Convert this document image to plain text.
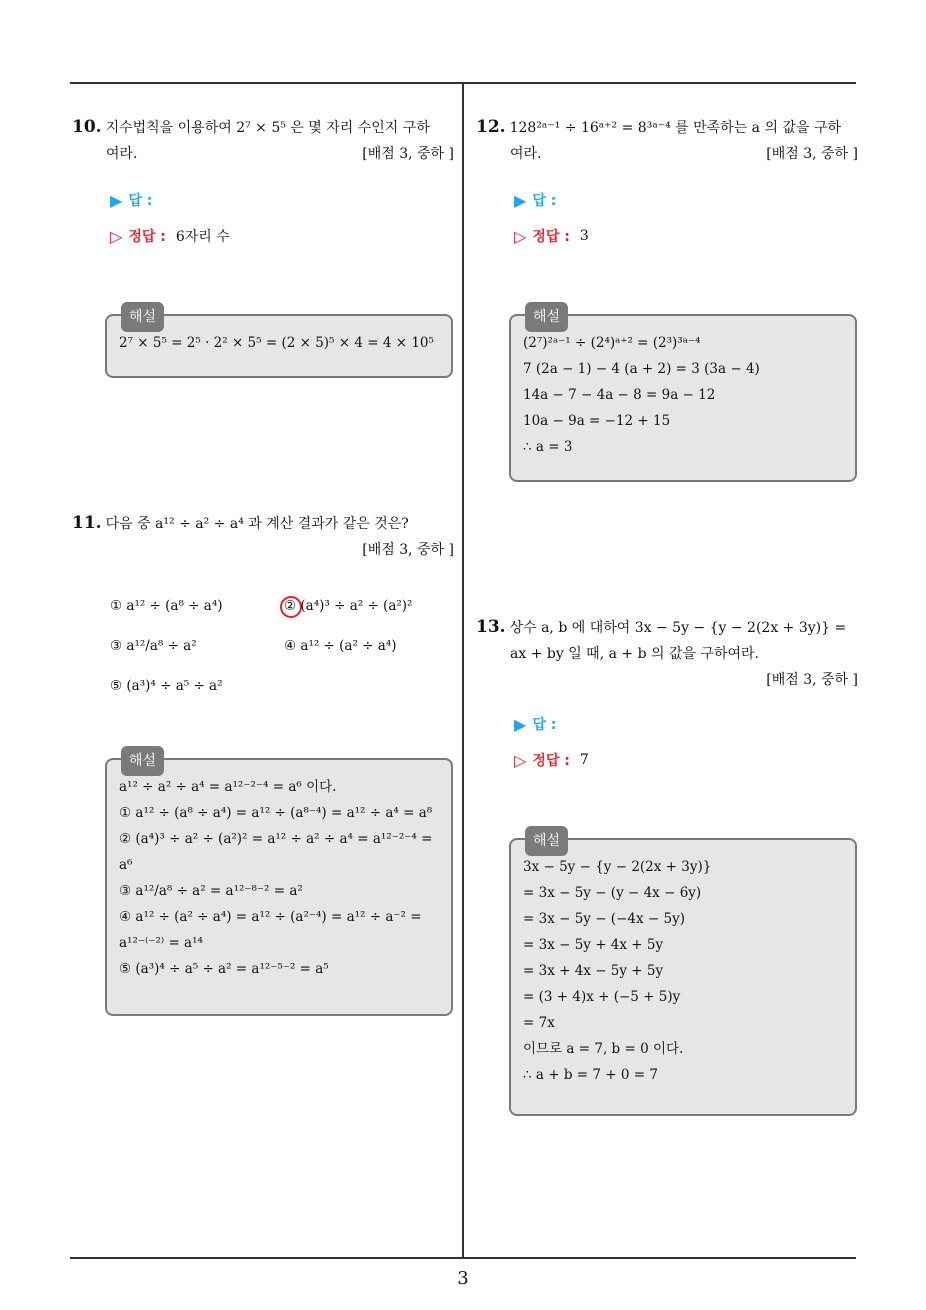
10. 지수법칙을 이용하여 2⁷ × 5⁵ 은 몇 자리 수인지 구하
여라.	[배점 3, 중하 ]
▶ 답 :
▷ 정답 : 6자리 수
해설
2⁷ × 5⁵ = 2⁵ · 2² × 5⁵ = (2 × 5)⁵ × 4 = 4 × 10⁵
11. 다음 중 a¹² ÷ a² ÷ a⁴ 과 계산 결과가 같은 것은?
[배점 3, 중하 ]
① a¹² ÷ (a⁸ ÷ a⁴)	② (a⁴)³ ÷ a² ÷ (a²)²
③ a¹²/a⁸ ÷ a²	④ a¹² ÷ (a² ÷ a⁴)
⑤ (a³)⁴ ÷ a⁵ ÷ a²
해설
a¹² ÷ a² ÷ a⁴ = a¹²⁻²⁻⁴ = a⁶ 이다.
① a¹² ÷ (a⁸ ÷ a⁴) = a¹² ÷ (a⁸⁻⁴) = a¹² ÷ a⁴ = a⁸
② (a⁴)³ ÷ a² ÷ (a²)² = a¹² ÷ a² ÷ a⁴ = a¹²⁻²⁻⁴ =
a⁶
③ a¹²/a⁸ ÷ a² = a¹²⁻⁸⁻² = a²
④ a¹² ÷ (a² ÷ a⁴) = a¹² ÷ (a²⁻⁴) = a¹² ÷ a⁻² =
a¹²⁻⁽⁻²⁾ = a¹⁴
⑤ (a³)⁴ ÷ a⁵ ÷ a² = a¹²⁻⁵⁻² = a⁵
12. 128²ᵃ⁻¹ ÷ 16ᵃ⁺² = 8³ᵃ⁻⁴ 를 만족하는 a 의 값을 구하
여라.	[배점 3, 중하 ]
▶ 답 :
▷ 정답 : 3
해설
(2⁷)²ᵃ⁻¹ ÷ (2⁴)ᵃ⁺² = (2³)³ᵃ⁻⁴
7 (2a − 1) − 4 (a + 2) = 3 (3a − 4)
14a − 7 − 4a − 8 = 9a − 12
10a − 9a = −12 + 15
∴ a = 3
13. 상수 a, b 에 대하여 3x − 5y − {y − 2(2x + 3y)} =
ax + by 일 때, a + b 의 값을 구하여라.
[배점 3, 중하 ]
▶ 답 :
▷ 정답 : 7
해설
3x − 5y − {y − 2(2x + 3y)}
= 3x − 5y − (y − 4x − 6y)
= 3x − 5y − (−4x − 5y)
= 3x − 5y + 4x + 5y
= 3x + 4x − 5y + 5y
= (3 + 4)x + (−5 + 5)y
= 7x
이므로 a = 7, b = 0 이다.
∴ a + b = 7 + 0 = 7
3
